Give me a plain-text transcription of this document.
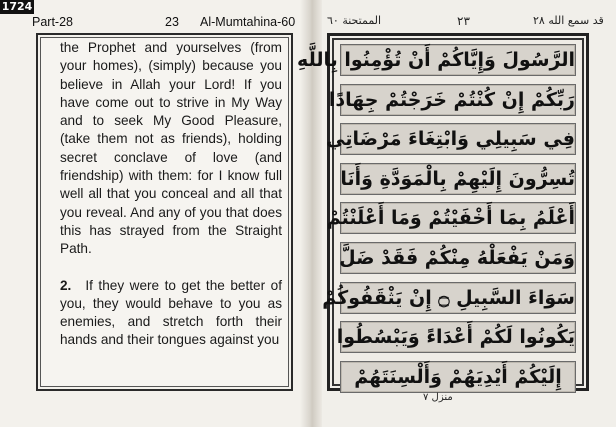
1724
Part-28	23 Al-Mumtahina-60

the Prophet and yourselves (from your homes), (simply) because you believe in Allah your Lord! If you have come out to strive in My Way and to seek My Good Pleasure, (take them not as friends), holding secret conclave of love (and friendship) with them: for I know full well all that you conceal and all that you reveal. And any of you that does this has strayed from the Straight Path.

2. If they were to get the better of you, they would behave to you as enemies, and stretch forth their hands and their tongues against you

الممتحنة ٦٠	٢٣	قد سمع الله ٢٨
الرَّسُولَ وَإِيَّاكُمْ أَنْ تُؤْمِنُوا بِاللَّهِ
رَبِّكُمْ إِنْ كُنْتُمْ خَرَجْتُمْ جِهَادًا
فِي سَبِيلِي وَابْتِغَاءَ مَرْضَاتِي
تُسِرُّونَ إِلَيْهِمْ بِالْمَوَدَّةِ وَأَنَا
أَعْلَمُ بِمَا أَخْفَيْتُمْ وَمَا أَعْلَنْتُمْ
وَمَنْ يَفْعَلْهُ مِنْكُمْ فَقَدْ ضَلَّ
سَوَاءَ السَّبِيلِ ۝ إِنْ يَثْقَفُوكُمْ
يَكُونُوا لَكُمْ أَعْدَاءً وَيَبْسُطُوا
إِلَيْكُمْ أَيْدِيَهُمْ وَأَلْسِنَتَهُمْ
منزل ٧
